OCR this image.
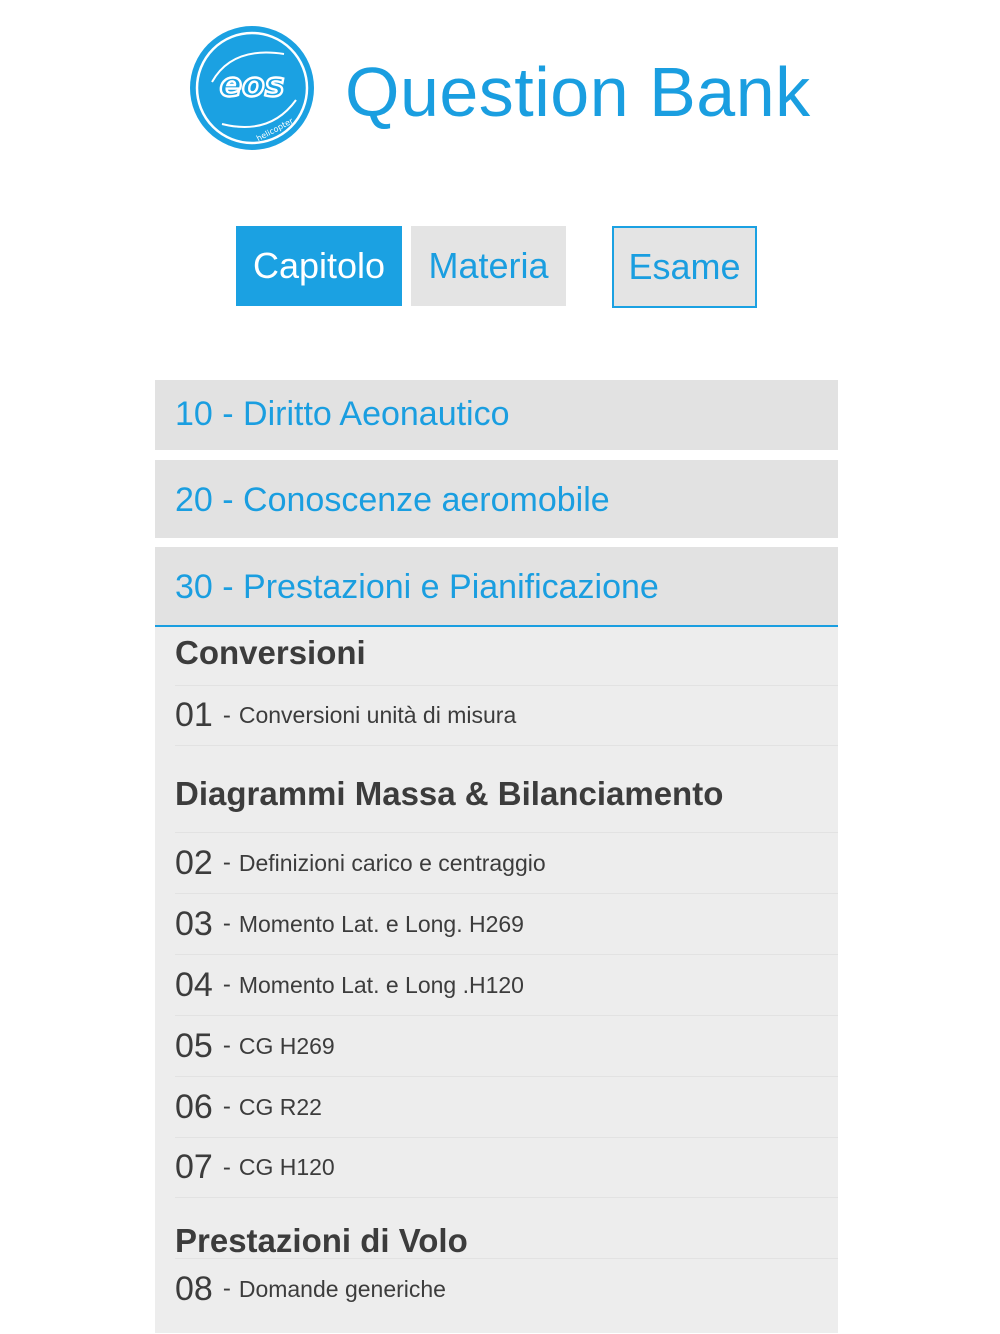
eos
helicopter Question Bank
Capitolo	Materia	Esame
10 - Diritto Aeonautico
20 - Conoscenze aeromobile
30 - Prestazioni e Pianificazione
Conversioni
01 - Conversioni unità di misura
Diagrammi Massa & Bilanciamento
02 - Definizioni carico e centraggio
03 - Momento Lat. e Long. H269
04 - Momento Lat. e Long .H120
05 - CG H269
06 - CG R22
07 - CG H120
Prestazioni di Volo
08 - Domande generiche
